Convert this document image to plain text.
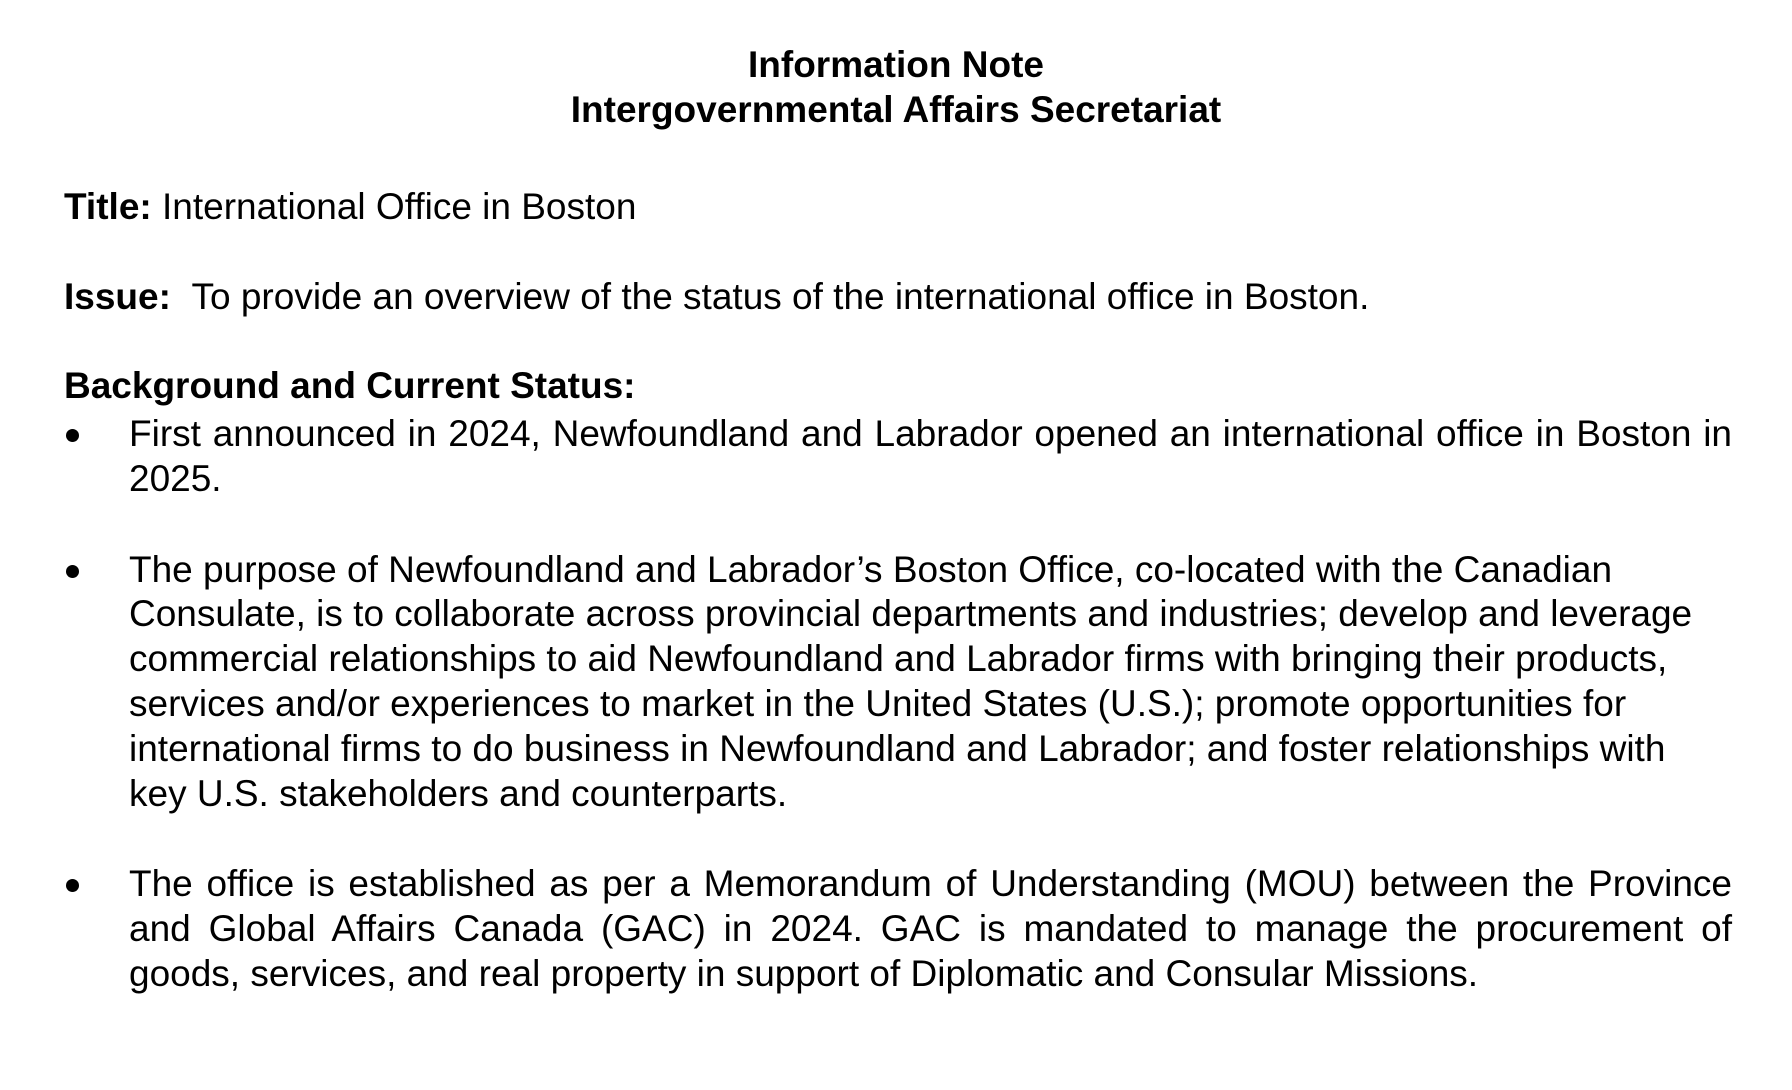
Information Note
Intergovernmental Affairs Secretariat
Title: International Office in Boston
Issue: To provide an overview of the status of the international office in Boston.
Background and Current Status:
First announced in 2024, Newfoundland and Labrador opened an international office in Boston in 2025.
The purpose of Newfoundland and Labrador’s Boston Office, co-located with the Canadian Consulate, is to collaborate across provincial departments and industries; develop and leverage commercial relationships to aid Newfoundland and Labrador firms with bringing their products, services and/or experiences to market in the United States (U.S.); promote opportunities for international firms to do business in Newfoundland and Labrador; and foster relationships with key U.S. stakeholders and counterparts.
The office is established as per a Memorandum of Understanding (MOU) between the Province and Global Affairs Canada (GAC) in 2024. GAC is mandated to manage the procurement of goods, services, and real property in support of Diplomatic and Consular Missions.
